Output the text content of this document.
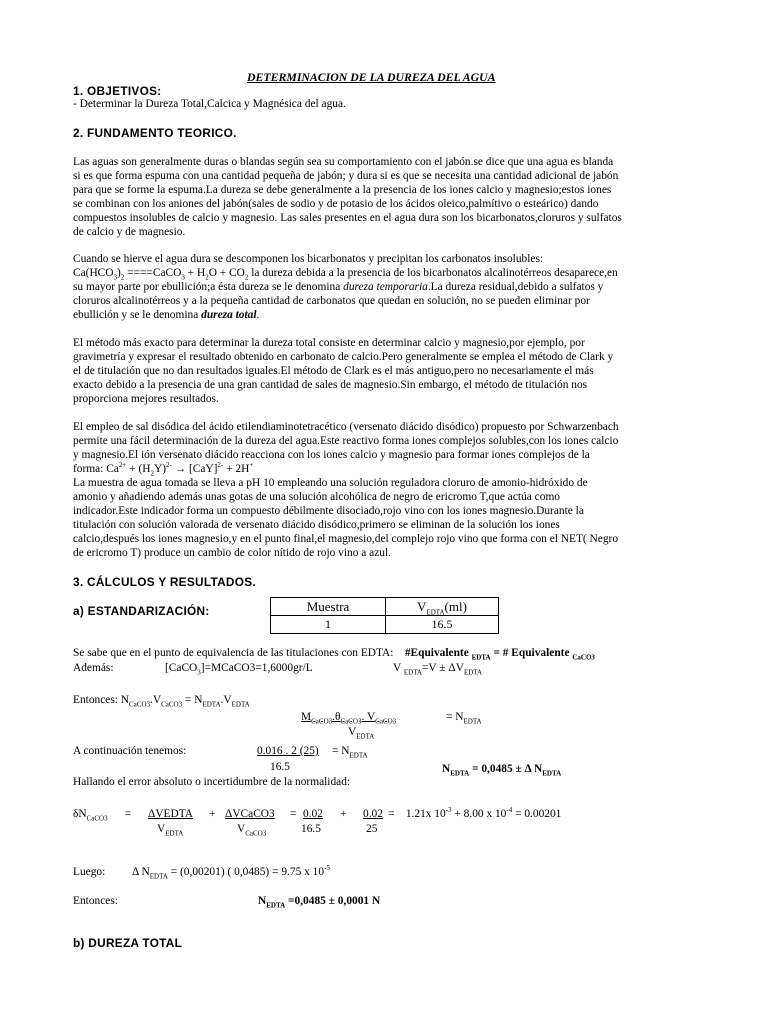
DETERMINACION DE LA DUREZA DEL AGUA
1. OBJETIVOS:
- Determinar la Dureza Total,Calcica y Magnésica del agua.
2. FUNDAMENTO TEORICO.
Las aguas son generalmente duras o blandas según sea su comportamiento con el jabón.se dice que una agua es blanda
si es que forma espuma con una cantidad pequeña de jabón; y dura si es que se necesita una cantidad adicional de jabón
para que se forme la espuma.La dureza se debe generalmente a la presencia de los iones calcio y magnesio;estos iones
se combinan con los aniones del jabón(sales de sodio y de potasio de los ácidos oleico,palmítivo o esteárico) dando
compuestos insolubles de calcio y magnesio. Las sales presentes en el agua dura son los bicarbonatos,cloruros y sulfatos
de calcio y de magnesio.
Cuando se hierve el agua dura se descomponen los bicarbonatos y precipitan los carbonatos insolubles:
$Ca(HCO_3)_2$ ====CaCO$_3$ + $H_2O + CO_2$ la dureza debida a la presencia de los bicarbonatos alcalinotérreos desaparece,en
su mayor parte por ebullición;a ésta dureza se le denomina dureza temporaria.La dureza residual,debido a sulfatos y
cloruros alcalinotérreos y a la pequeña cantidad de carbonatos que quedan en solución, no se pueden eliminar por
ebullición y se le denomina dureza total.
El método más exacto para determinar la dureza total consiste en determinar calcio y magnesio,por ejemplo, por
gravimetría y expresar el resultado obtenido en carbonato de calcio.Pero generalmente se emplea el método de Clark y
el de titulación que no dan resultados iguales.El método de Clark es el más antiguo,pero no necesariamente el más
exacto debido a la presencia de una gran cantidad de sales de magnesio.Sin embargo, el método de titulación nos
proporciona mejores resultados.
El empleo de sal disódica del ácido etilendiaminotetracético (versenato diácido disódico) propuesto por Schwarzenbach
permite una fácil determinación de la dureza del agua.Este reactivo forma iones complejos solubles,con los iones calcio
y magnesio.El ión versenato diácido reacciona con los iones calcio y magnesio para formar iones complejos de la
forma: $Ca^{2+} + (H_2Y)^{2-} \to [CaY]^{2-} + 2H^+$
La muestra de agua tomada se lleva a pH 10 empleando una solución reguladora cloruro de amonio-hidróxido de
amonio y añadiendo además unas gotas de una solución alcohólica de negro de ericromo T,que actúa como
indicador.Este indicador forma un compuesto débilmente disociado,rojo vino con los iones magnesio.Durante la
titulación con solución valorada de versenato diácido disódico,primero se eliminan de la solución los iones
calcio,después los iones magnesio,y en el punto final,el magnesio,del complejo rojo vino que forma con el NET( Negro
de ericromo T) produce un cambio de color nítido de rojo vino a azul.
3. CÁLCULOS Y RESULTADOS.
a) ESTANDARIZACIÓN:	Muestra	$V_{EDTA}(ml)$
1	16.5
Se sabe que en el punto de equivalencia de las titulaciones con EDTA: #Equivalente $_{EDTA}$ = # Equivalente $_{CaCO3}$
Además:	[CaCO$_3$]=MCaCO3=1,6000gr/L	V $_{EDTA}=V \pm \Delta V_{EDTA}$
Entonces: $N_{CaCO3}.V_{CaCO3} = N_{EDTA}.V_{EDTA}$
$M_{CaCO3}.\theta_{CaCO3}$. $V_{CaCO3}$	= $N_{EDTA}$
$V_{EDTA}$
A continuación tenemos:	0.016 . 2 $(25) = N_{EDTA}$
16.5	$N_{EDTA} = 0,0485 \pm \Delta$ $N_{EDTA}$
Hallando el error absoluto o incertidumbre de la normalidad:
$\delta N_{CaCO3}$ = ΔVEDTA
$V_{EDTA}$
+ ΔVCaCO3
$V_{CaCO3}$
= 0.02
16.5
+ 0.02
25
=    1.21x $10^{-3} + 8.00$ x $10^{-4} = 0.00201$
Luego: Δ $N_{EDTA} = (0,00201)$ ( 0,0485) = 9.75 x $10^{-5}$
Entonces:	$N_{EDTA} =0,0485 \pm 0,0001$ N
b) DUREZA TOTAL
